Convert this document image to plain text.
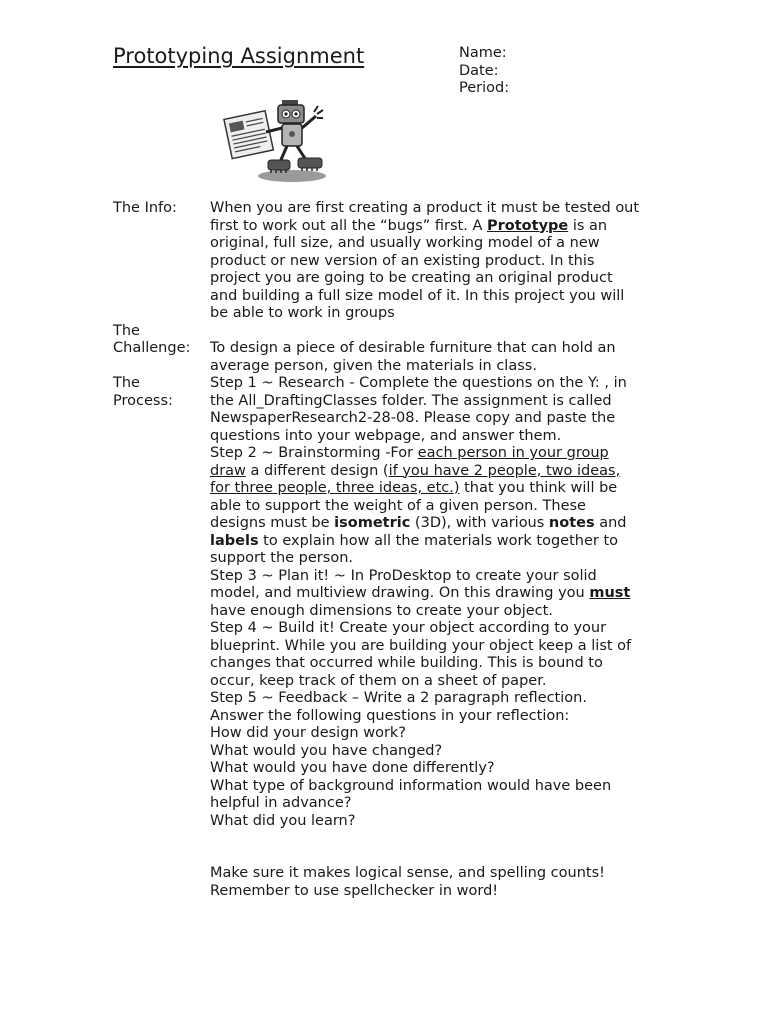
Prototyping Assignment	Name:
Date:
Period:
The Info:	When you are first creating a product it must be tested out
first to work out all the “bugs” first. A Prototype is an
original, full size, and usually working model of a new
product or new version of an existing product. In this
project you are going to be creating an original product
and building a full size model of it. In this project you will
be able to work in groups
The
Challenge:
	To design a piece of desirable furniture that can hold an
average person, given the materials in class.
The
Process:
Step 1 ~ Research - Complete the questions on the Y: , in
the All_DraftingClasses folder. The assignment is called
NewspaperResearch2-28-08. Please copy and paste the
questions into your webpage, and answer them.
Step 2 ~ Brainstorming -For each person in your group
draw a different design (if you have 2 people, two ideas,
for three people, three ideas, etc.) that you think will be
able to support the weight of a given person. These
designs must be isometric (3D), with various notes and
labels to explain how all the materials work together to
support the person.
Step 3 ~ Plan it! ~ In ProDesktop to create your solid
model, and multiview drawing. On this drawing you must
have enough dimensions to create your object.
Step 4 ~ Build it! Create your object according to your
blueprint. While you are building your object keep a list of
changes that occurred while building. This is bound to
occur, keep track of them on a sheet of paper.
Step 5 ~ Feedback – Write a 2 paragraph reflection.
Answer the following questions in your reflection:
How did your design work?
What would you have changed?
What would you have done differently?
What type of background information would have been
helpful in advance?
What did you learn?
Make sure it makes logical sense, and spelling counts!
Remember to use spellchecker in word!
